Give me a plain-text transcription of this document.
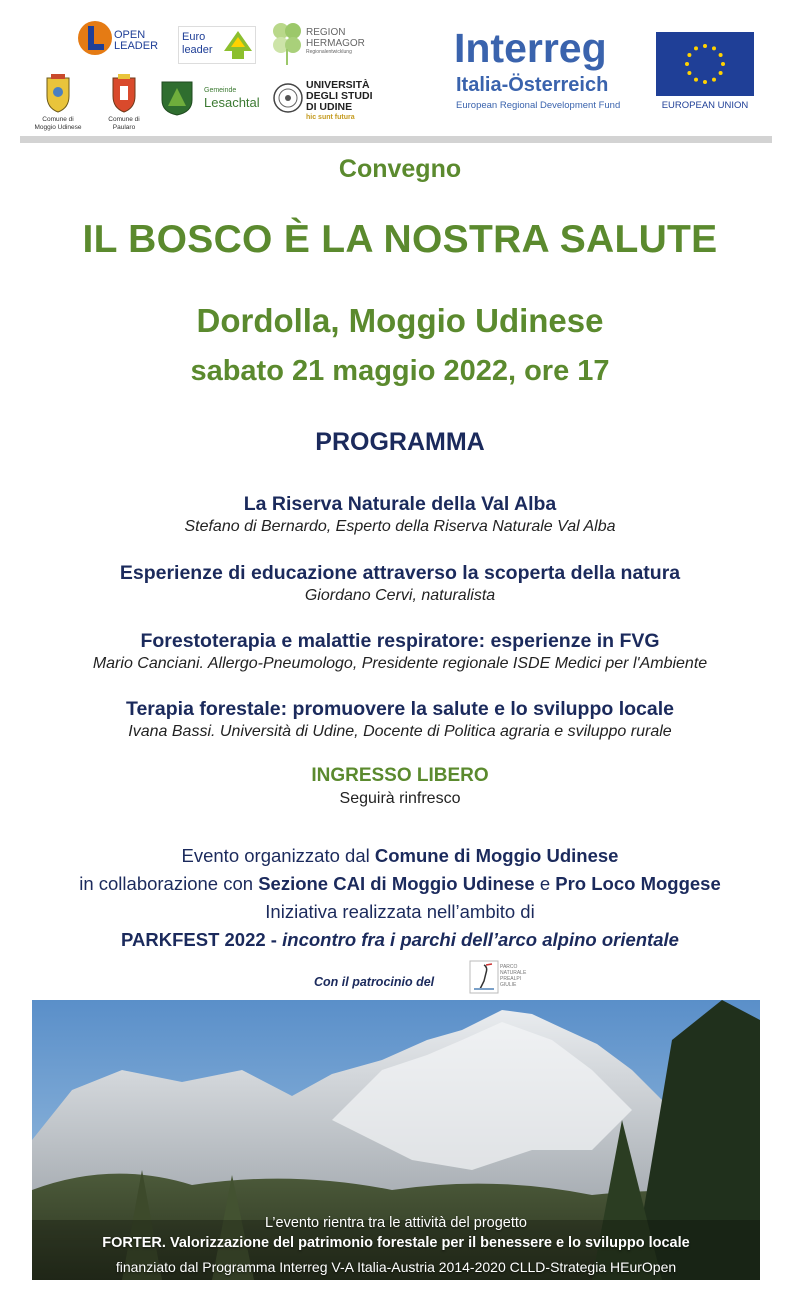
OPEN
LEADER
Euro
leader
REGION
HERMAGOR
Regionalentwicklung
Comune di
Moggio Udinese
Comune di
Paularo
Gemeinde
Lesachtal
UNIVERSITÀ
DEGLI STUDI
DI UDINE
hic sunt futura
Interreg
Italia-Österreich
European Regional Development Fund	EUROPEAN UNION
Convegno
IL BOSCO È LA NOSTRA SALUTE
Dordolla, Moggio Udinese
sabato 21 maggio 2022, ore 17
PROGRAMMA
La Riserva Naturale della Val Alba
Stefano di Bernardo, Esperto della Riserva Naturale Val Alba
Esperienze di educazione attraverso la scoperta della natura
Giordano Cervi, naturalista
Forestoterapia e malattie respiratore: esperienze in FVG
Mario Canciani. Allergo-Pneumologo, Presidente regionale ISDE Medici per l'Ambiente
Terapia forestale: promuovere la salute e lo sviluppo locale
Ivana Bassi. Università di Udine, Docente di Politica agraria e sviluppo rurale
INGRESSO LIBERO
Seguirà rinfresco
Evento organizzato dal Comune di Moggio Udinese
in collaborazione con Sezione CAI di Moggio Udinese e Pro Loco Moggese
Iniziativa realizzata nell’ambito di
PARKFEST 2022 - incontro fra i parchi dell’arco alpino orientale
Con il patrocinio del
PARCO
NATURALE
PREALPI
GIULIE
L’evento rientra tra le attività del progetto
FORTER. Valorizzazione del patrimonio forestale per il benessere e lo sviluppo locale
finanziato dal Programma Interreg V-A Italia-Austria 2014-2020 CLLD-Strategia HEurOpen
